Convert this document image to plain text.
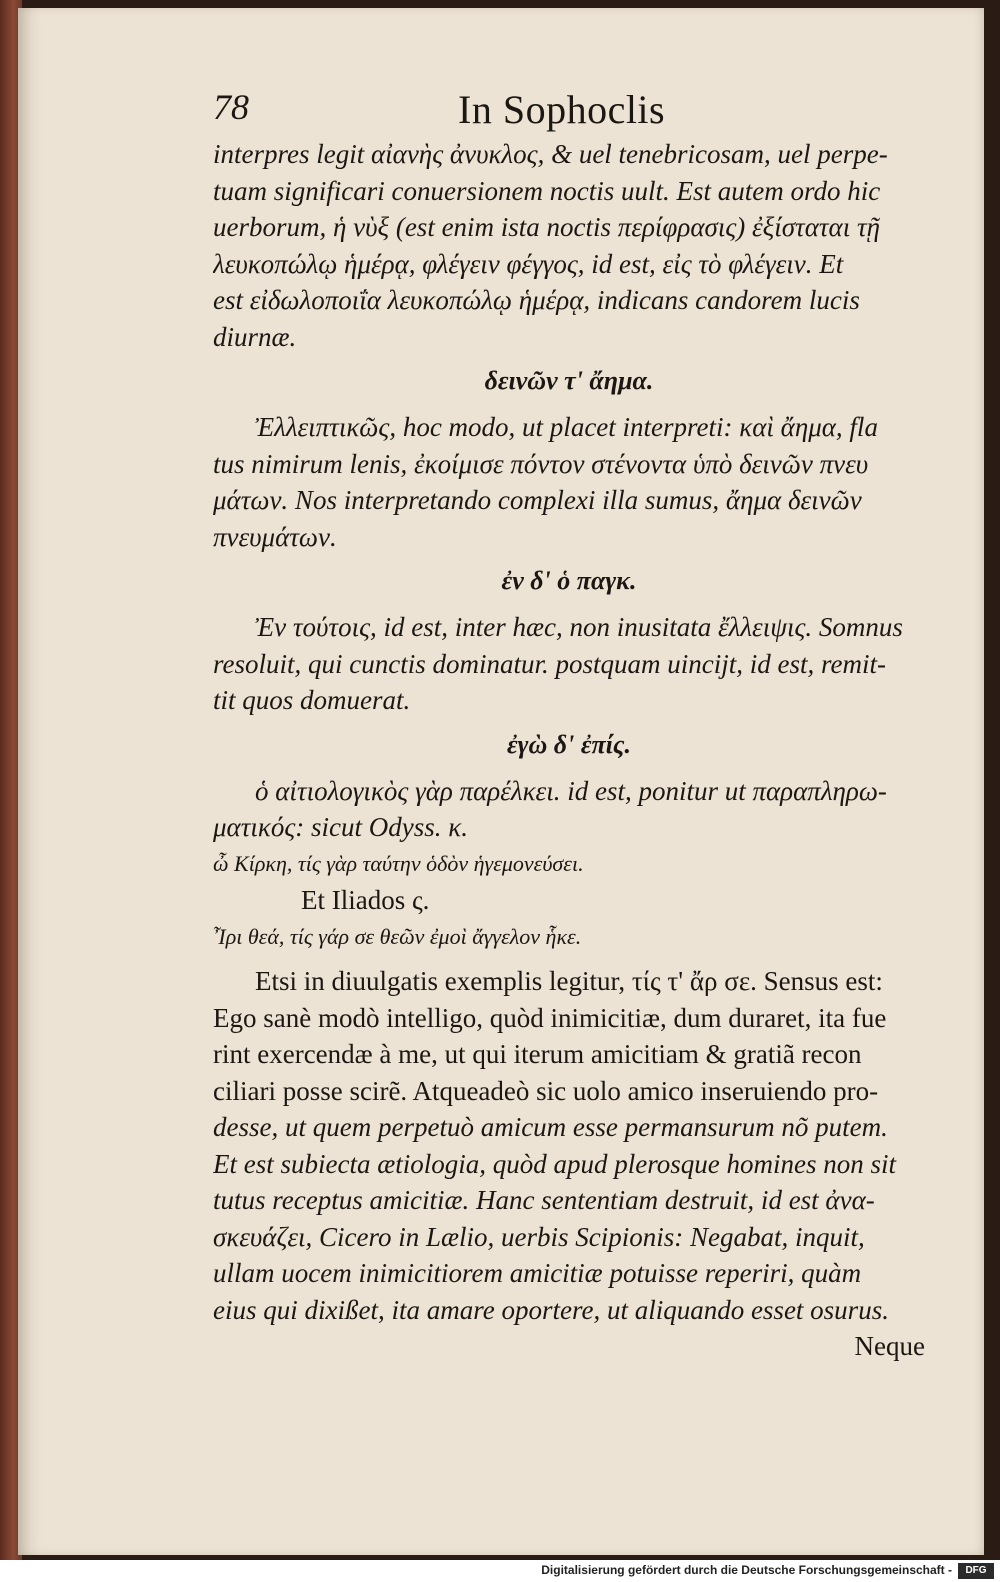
78	In Sophoclis
interpres legit αἰανὴς ἀνυκλος, & uel tenebricosam, uel perpe-
tuam significari conuersionem noctis uult. Est autem ordo hic
uerborum, ἡ νὺξ (est enim ista noctis περίφρασις) ἐξίσταται τῇ
λευκοπώλῳ ἡμέρᾳ, φλέγειν φέγγος, id est, εἰς τὸ φλέγειν. Et
est εἰδωλοποιΐα λευκοπώλῳ ἡμέρᾳ, indicans candorem lucis
diurnæ.
δεινῶν τ' ἄημα.
Ἐλλειπτικῶς, hoc modo, ut placet interpreti: καὶ ἄημα, fla
tus nimirum lenis, ἐκοίμισε πόντον στένοντα ὑπὸ δεινῶν πνευ
μάτων. Nos interpretando complexi illa sumus, ἄημα δεινῶν
πνευμάτων.
ἐν δ' ὁ παγκ.
Ἐν τούτοις, id est, inter hæc, non inusitata ἔλλειψις. Somnus
resoluit, qui cunctis dominatur. postquam uincijt, id est, remit-
tit quos domuerat.
ἐγὼ δ' ἐπίς.
ὁ αἰτιολογικὸς γὰρ παρέλκει. id est, ponitur ut παραπληρω-
ματικός: sicut Odyss. κ.
ὦ Κίρκη, τίς γὰρ ταύτην ὁδὸν ἡγεμονεύσει.
Et Iliados ς.
Ἶρι θεά, τίς γάρ σε θεῶν ἐμοὶ ἄγγελον ἧκε.
Etsi in diuulgatis exemplis legitur, τίς τ' ἄρ σε. Sensus est:
Ego sanè modò intelligo, quòd inimicitiæ, dum duraret, ita fue
rint exercendæ à me, ut qui iterum amicitiam & gratiã recon
ciliari posse scirẽ. Atqueadeò sic uolo amico inseruiendo pro-
desse, ut quem perpetuò amicum esse permansurum nõ putem.
Et est subiecta ætiologia, quòd apud plerosque homines non sit
tutus receptus amicitiæ. Hanc sententiam destruit, id est ἀνα-
σκευάζει, Cicero in Lælio, uerbis Scipionis: Negabat, inquit,
ullam uocem inimicitiorem amicitiæ potuisse reperiri, quàm
eius qui dixißet, ita amare oportere, ut aliquando esset osurus.
Neque
Digitalisierung gefördert durch die Deutsche Forschungsgemeinschaft -	DFG
